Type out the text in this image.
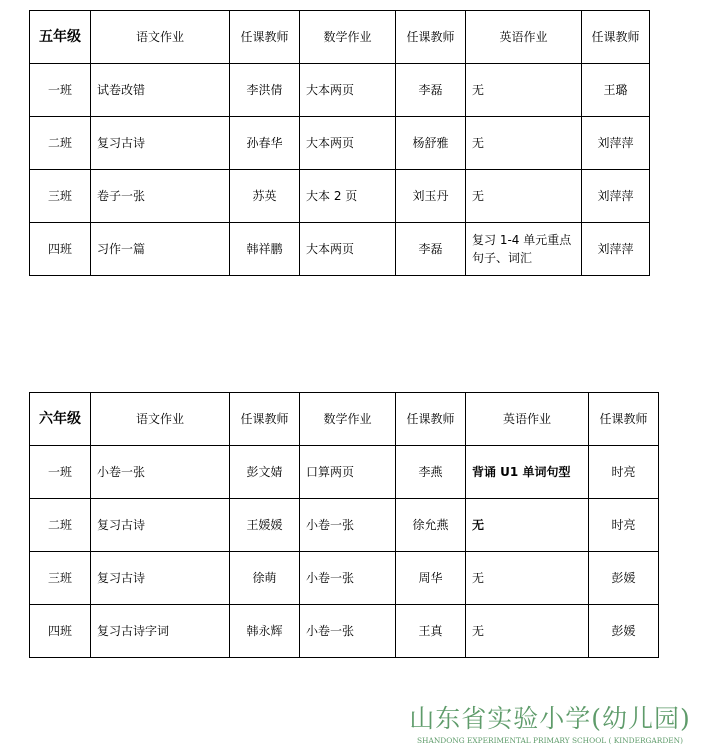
五年级	语文作业	任课教师	数学作业	任课教师	英语作业	任课教师
一班	试卷改错	李洪倩	大本两页	李磊	无	王璐
二班	复习古诗	孙春华	大本两页	杨舒雅	无	刘萍萍
三班	卷子一张	苏英	大本 2 页	刘玉丹	无	刘萍萍
四班	习作一篇	韩祥鹏	大本两页	李磊	复习 1-4 单元重点句子、词汇	刘萍萍
六年级	语文作业	任课教师	数学作业	任课教师	英语作业	任课教师
一班	小卷一张	彭文婧	口算两页	李燕	背诵 U1 单词句型	时亮
二班	复习古诗	王媛媛	小卷一张	徐允燕	无	时亮
三班	复习古诗	徐萌	小卷一张	周华	无	彭媛
四班	复习古诗字词	韩永辉	小卷一张	王真	无	彭媛
山东省实验小学(幼儿园)
SHANDONG EXPERIMENTAL PRIMARY SCHOOL ( KINDERGARDEN)
